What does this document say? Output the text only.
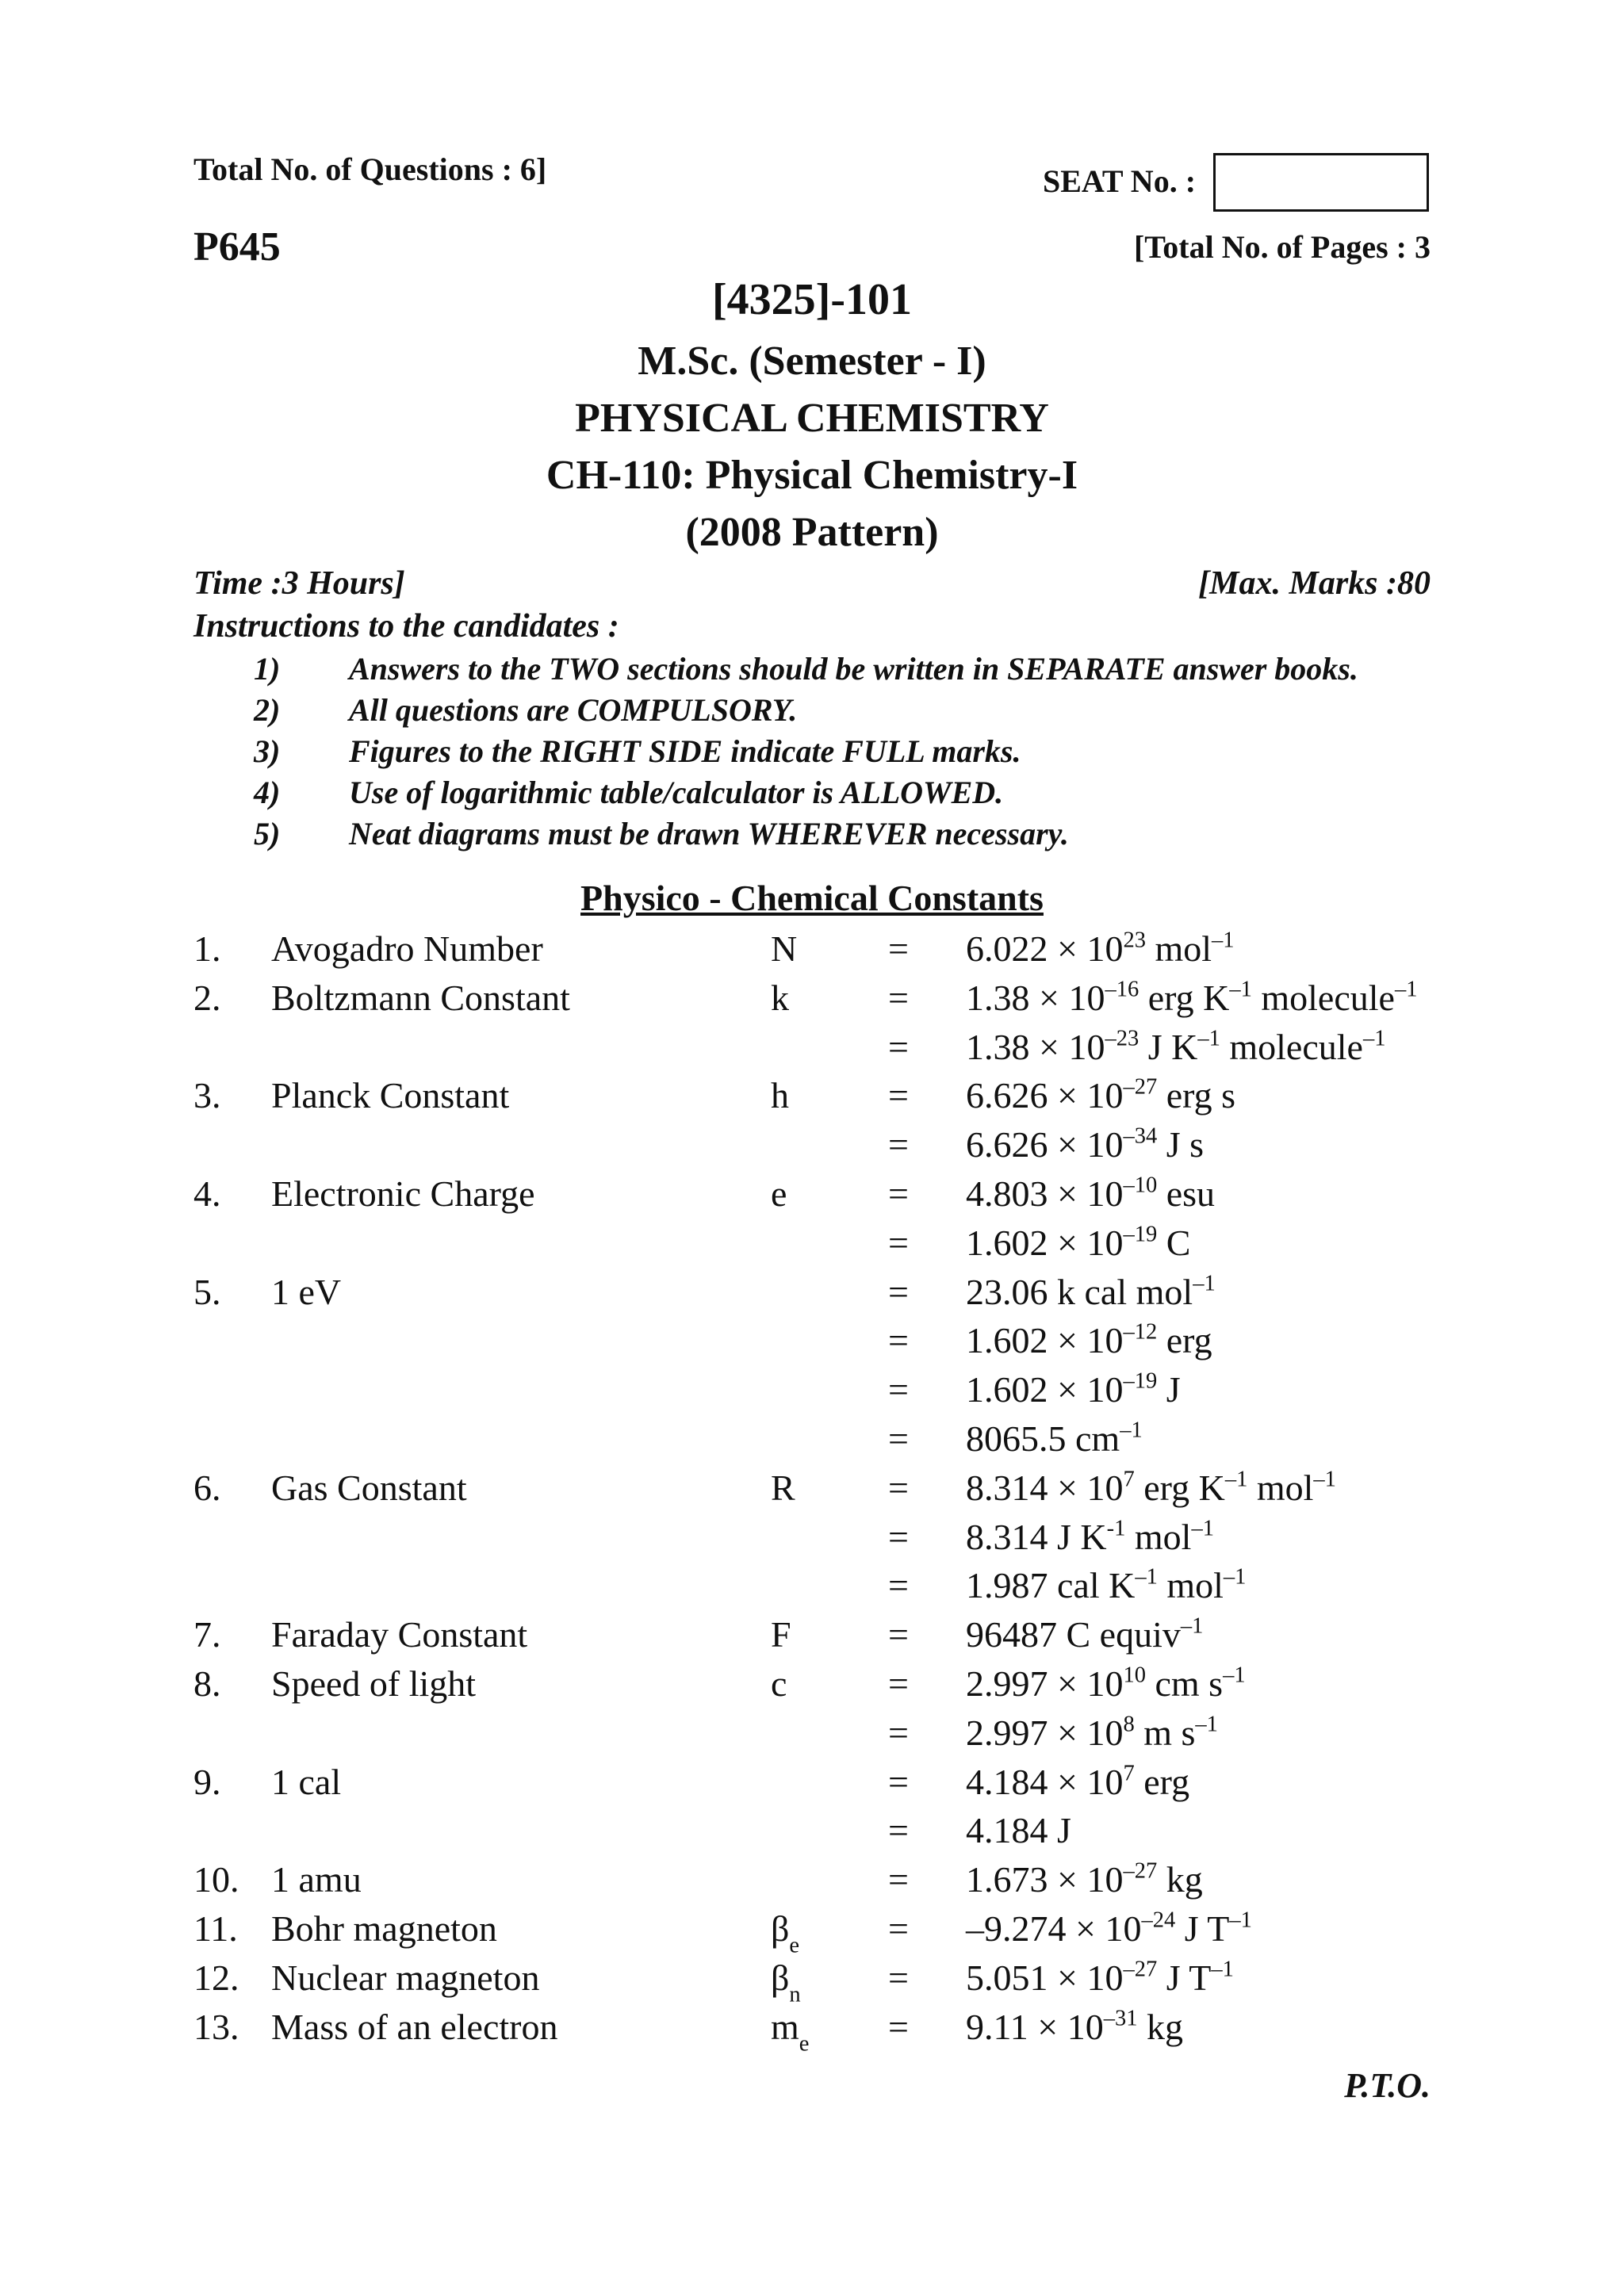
Total No. of Questions : 6]	SEAT No. :
P645	[Total No. of Pages : 3
[4325]-101
M.Sc. (Semester - I)
PHYSICAL CHEMISTRY
CH-110: Physical Chemistry-I
(2008 Pattern)
Time :3 Hours]	[Max. Marks :80
Instructions to the candidates :
1) Answers to the TWO sections should be written in SEPARATE answer books.
2) All questions are COMPULSORY.
3) Figures to the RIGHT SIDE indicate FULL marks.
4) Use of logarithmic table/calculator is ALLOWED.
5) Neat diagrams must be drawn WHEREVER necessary.
Physico - Chemical Constants
1. Avogadro Number	$N = 6.022 \times 10^{23}$ mol$^{-1}$
2. Boltzmann Constant	k	= $1.38 \times 10^{-16}$ erg $K^{-1}$ molecule$^{-1}$
= $1.38 \times 10^{-23}$ J $K^{-1}$ molecule$^{-1}$
3. Planck Constant	h	= $6.626 \times 10^{-27}$ erg s
= $6.626 \times 10^{-34}$ J s
4. Electronic Charge	e	= $4.803 \times 10^{-10}$ esu
= $1.602 \times 10^{-19}$ C
5. 1 eV	= 23.06 k cal mol$^{-1}$
= $1.602 \times 10^{-12}$ erg
= $1.602 \times 10^{-19}$ J
= 8065.5 $cm^{-1}$
6. Gas Constant	R	= $8.314 \times 10^7$ erg $K^{-1}$ mol$^{-1}$
= 8.314 J $K^{-1}$ mol$^{-1}$
= 1.987 cal $K^{-1}$ mol$^{-1}$
7. Faraday Constant	F	= 96487 C equiv$^{-1}$
8. Speed of light	c	= $2.997 \times 10^{10}$ cm $s^{-1}$
= $2.997 \times 10^8$ m $s^{-1}$
9. 1 cal	= $4.184 \times 10^7$ erg
= 4.184 J
10. 1 amu	= $1.673 \times 10^{-27}$ kg
11. Bohr magneton	$\beta_e = -9.274 \times 10^{-24}$ J $T^{-1}$
12. Nuclear magneton	$\beta_n = 5.051 \times 10^{-27}$ J $T^{-1}$
13. Mass of an electron	$m_e = 9.11 \times 10^{-31}$ kg
P.T.O.
